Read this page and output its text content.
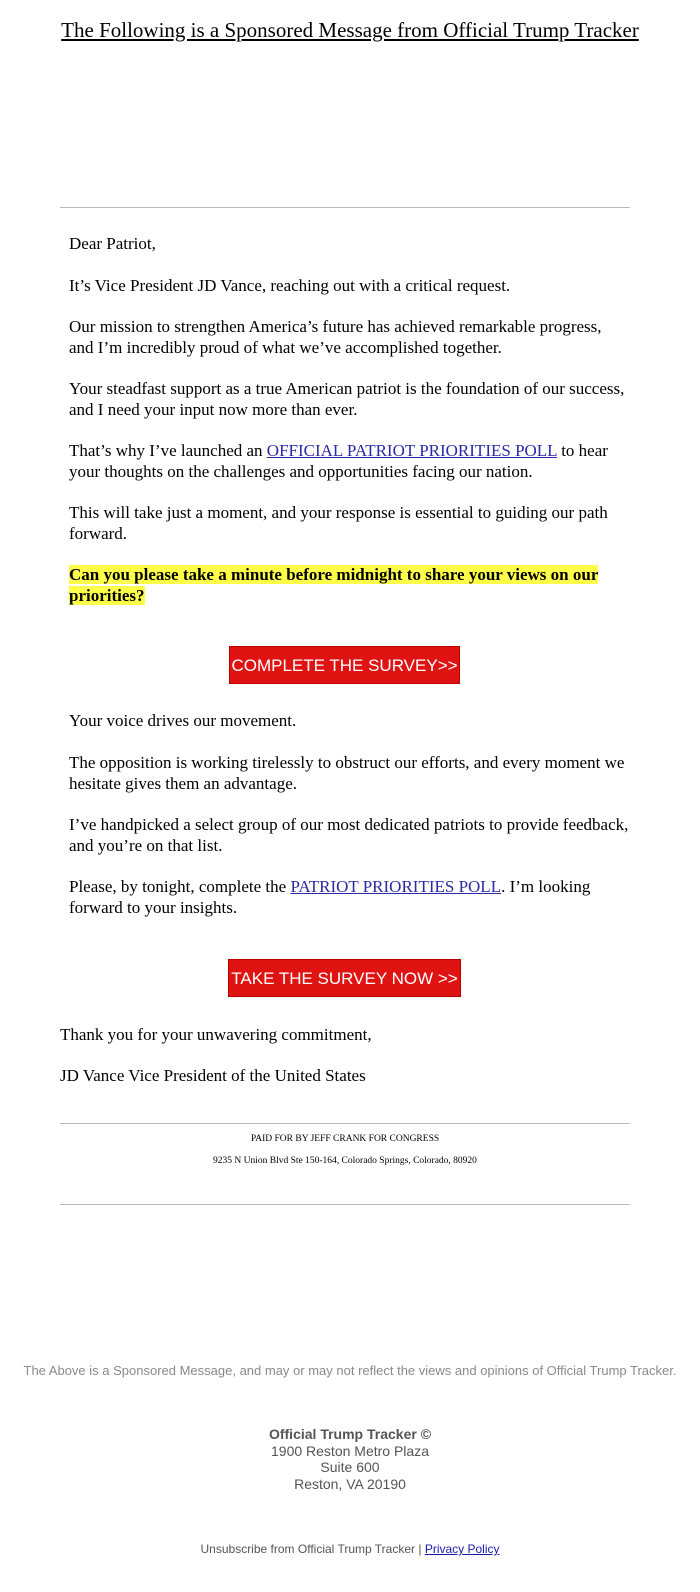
The Following is a Sponsored Message from Official Trump Tracker

Dear Patriot,

It’s Vice President JD Vance, reaching out with a critical request.

Our mission to strengthen America’s future has achieved remarkable progress, and I’m incredibly proud of what we’ve accomplished together.

Your steadfast support as a true American patriot is the foundation of our success, and I need your input now more than ever.

That’s why I’ve launched an OFFICIAL PATRIOT PRIORITIES POLL to hear your thoughts on the challenges and opportunities facing our nation.

This will take just a moment, and your response is essential to guiding our path forward.

Can you please take a minute before midnight to share your views on our priorities?

COMPLETE THE SURVEY>>

Your voice drives our movement.

The opposition is working tirelessly to obstruct our efforts, and every moment we hesitate gives them an advantage.

I’ve handpicked a select group of our most dedicated patriots to provide feedback, and you’re on that list.

Please, by tonight, complete the PATRIOT PRIORITIES POLL. I’m looking forward to your insights.

TAKE THE SURVEY NOW >>

Thank you for your unwavering commitment,

JD Vance Vice President of the United States

PAID FOR BY JEFF CRANK FOR CONGRESS
9235 N Union Blvd Ste 150-164, Colorado Springs, Colorado, 80920
The Above is a Sponsored Message, and may or may not reflect the views and opinions of Official Trump Tracker.
Official Trump Tracker ©
1900 Reston Metro Plaza
Suite 600
Reston, VA 20190
Unsubscribe from Official Trump Tracker | Privacy Policy
